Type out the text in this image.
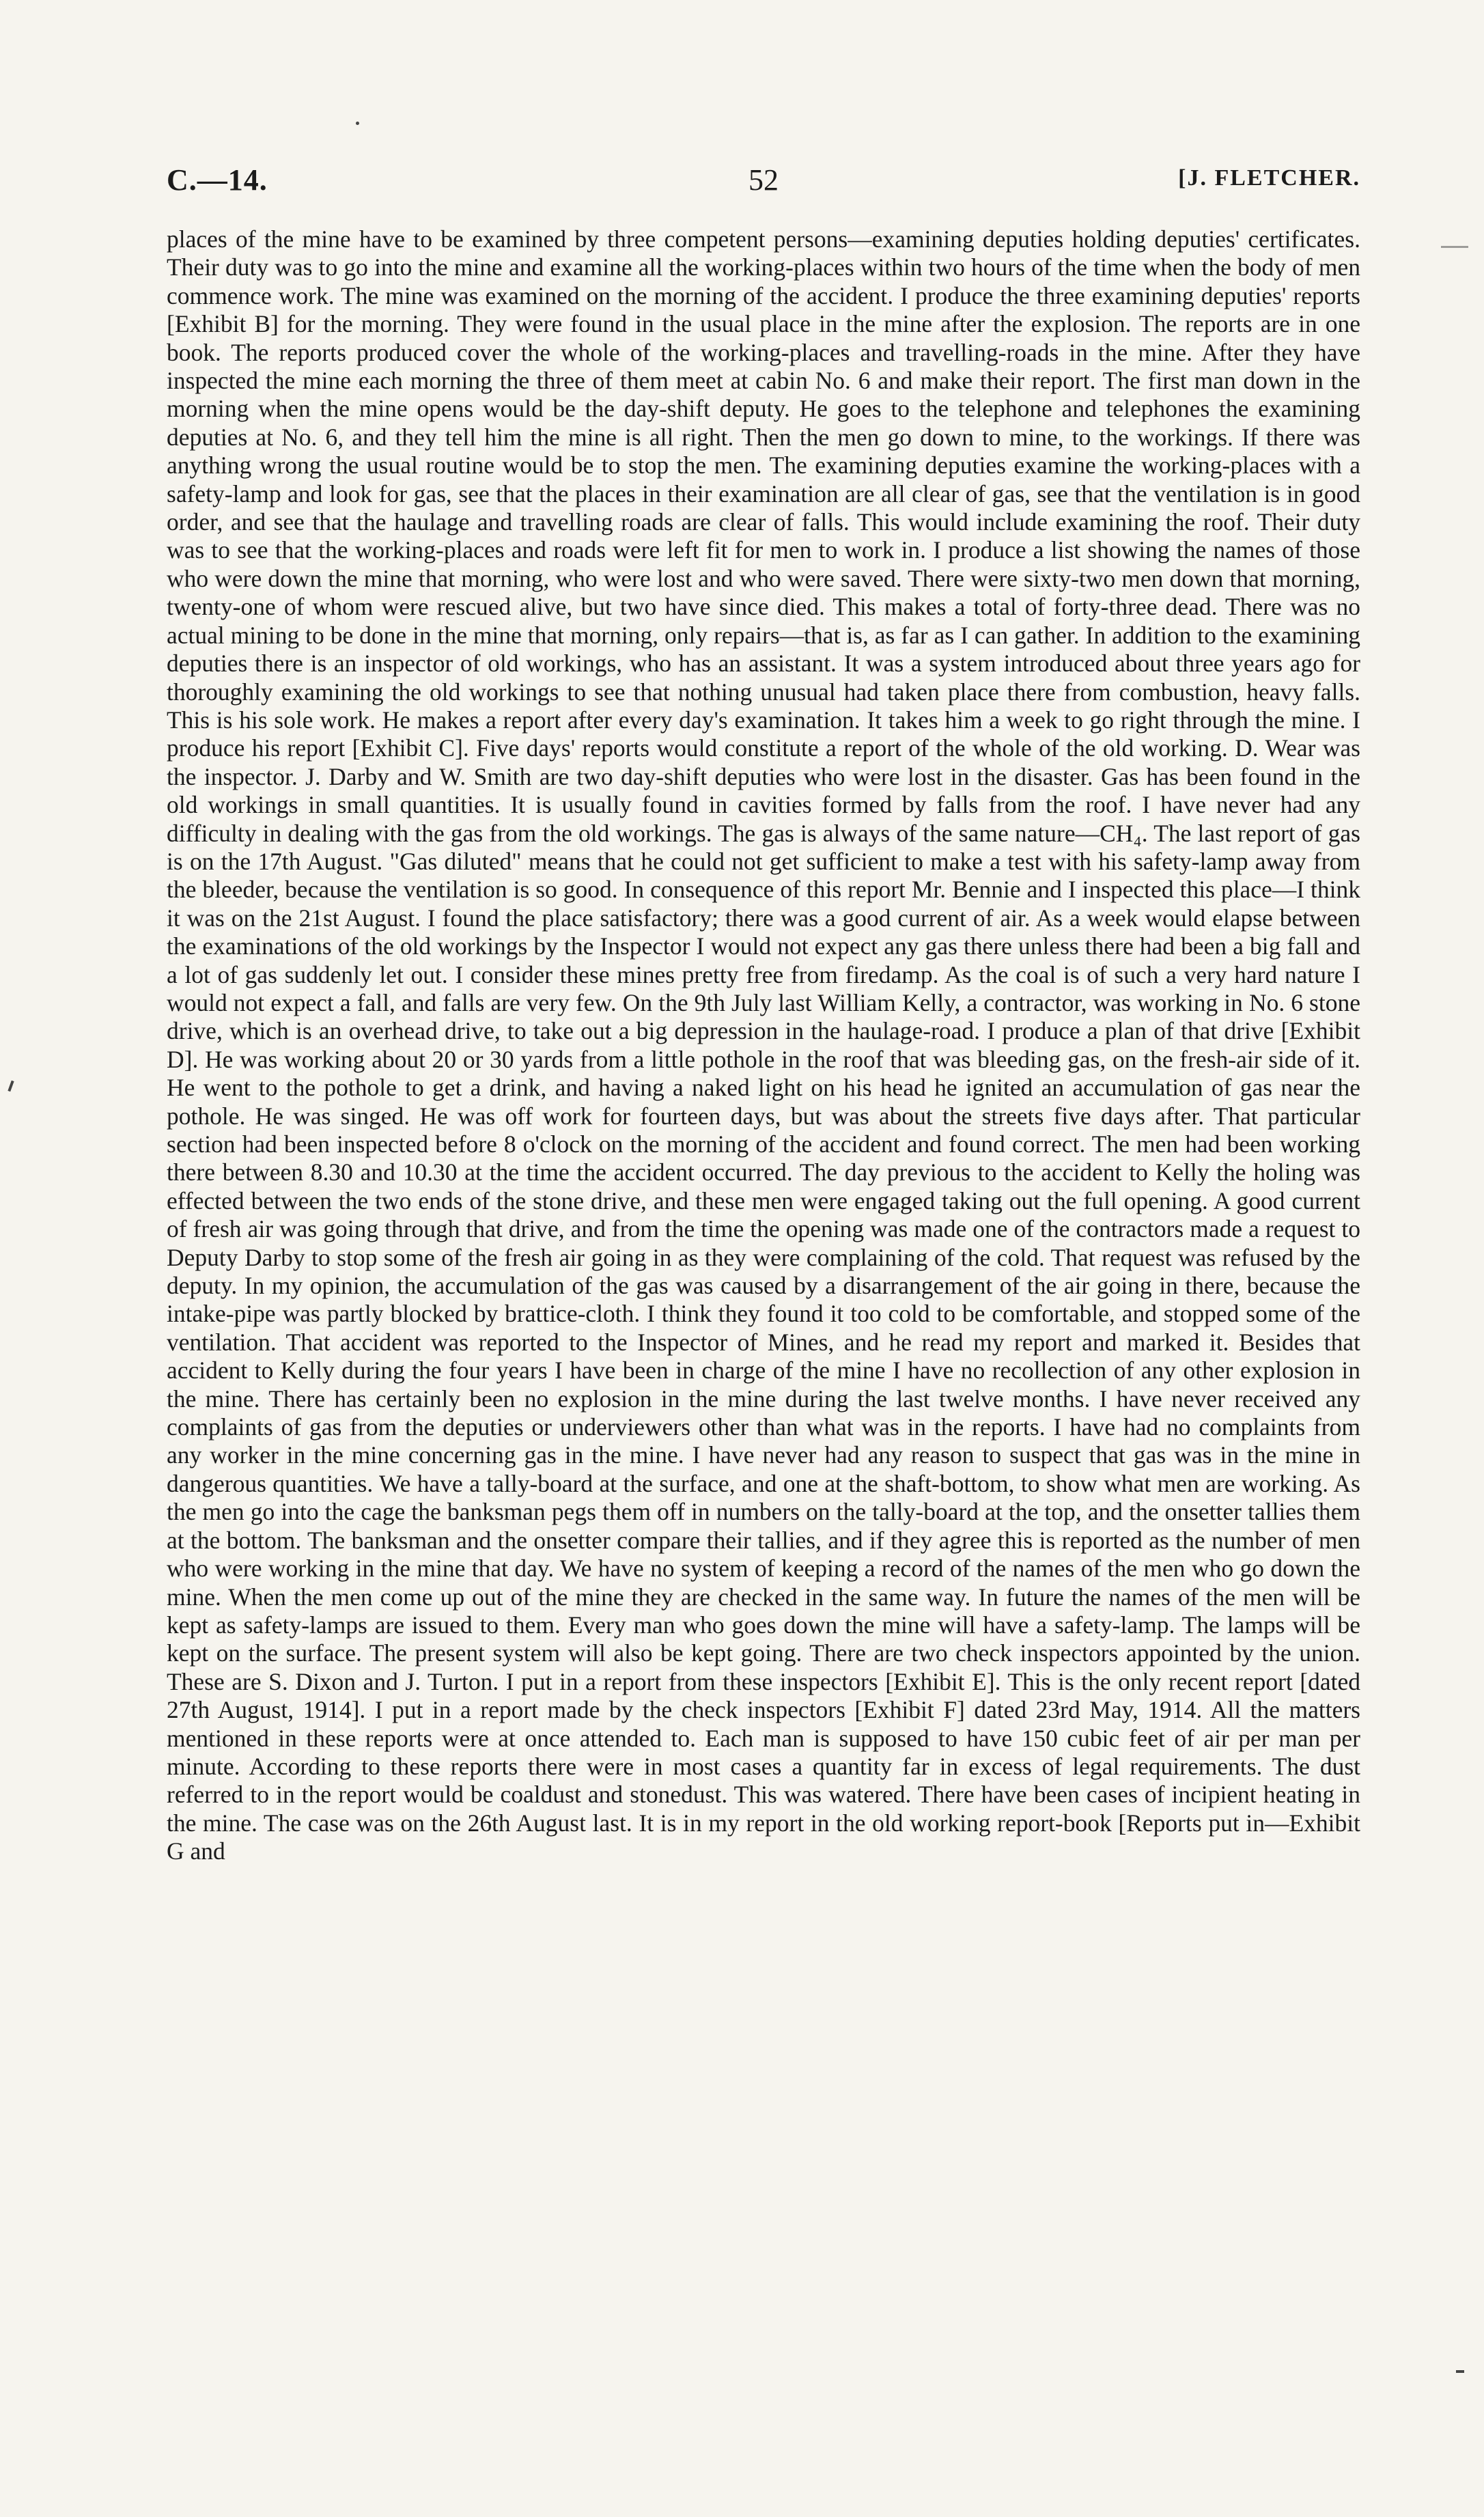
C.—14.	52	[J. FLETCHER.

places of the mine have to be examined by three competent persons—examining deputies holding deputies' certificates. Their duty was to go into the mine and examine all the working-places within two hours of the time when the body of men commence work. The mine was examined on the morning of the accident. I produce the three examining deputies' reports [Exhibit B] for the morning. They were found in the usual place in the mine after the explosion. The reports are in one book. The reports produced cover the whole of the working-places and travelling-roads in the mine. After they have inspected the mine each morning the three of them meet at cabin No. 6 and make their report. The first man down in the morning when the mine opens would be the day-shift deputy. He goes to the telephone and telephones the examining deputies at No. 6, and they tell him the mine is all right. Then the men go down to mine, to the workings. If there was anything wrong the usual routine would be to stop the men. The examining deputies examine the working-places with a safety-lamp and look for gas, see that the places in their examination are all clear of gas, see that the ventilation is in good order, and see that the haulage and travelling roads are clear of falls. This would include examining the roof. Their duty was to see that the working-places and roads were left fit for men to work in. I produce a list showing the names of those who were down the mine that morning, who were lost and who were saved. There were sixty-two men down that morning, twenty-one of whom were rescued alive, but two have since died. This makes a total of forty-three dead. There was no actual mining to be done in the mine that morning, only repairs—that is, as far as I can gather. In addition to the examining deputies there is an inspector of old workings, who has an assistant. It was a system introduced about three years ago for thoroughly examining the old workings to see that nothing unusual had taken place there from combustion, heavy falls. This is his sole work. He makes a report after every day's examination. It takes him a week to go right through the mine. I produce his report [Exhibit C]. Five days' reports would constitute a report of the whole of the old working. D. Wear was the inspector. J. Darby and W. Smith are two day-shift deputies who were lost in the disaster. Gas has been found in the old workings in small quantities. It is usually found in cavities formed by falls from the roof. I have never had any difficulty in dealing with the gas from the old workings. The gas is always of the same nature—CH₄. The last report of gas is on the 17th August. "Gas diluted" means that he could not get sufficient to make a test with his safety-lamp away from the bleeder, because the ventilation is so good. In consequence of this report Mr. Bennie and I inspected this place—I think it was on the 21st August. I found the place satisfactory; there was a good current of air. As a week would elapse between the examinations of the old workings by the Inspector I would not expect any gas there unless there had been a big fall and a lot of gas suddenly let out. I consider these mines pretty free from firedamp. As the coal is of such a very hard nature I would not expect a fall, and falls are very few. On the 9th July last William Kelly, a contractor, was working in No. 6 stone drive, which is an overhead drive, to take out a big depression in the haulage-road. I produce a plan of that drive [Exhibit D]. He was working about 20 or 30 yards from a little pothole in the roof that was bleeding gas, on the fresh-air side of it. He went to the pothole to get a drink, and having a naked light on his head he ignited an accumulation of gas near the pothole. He was singed. He was off work for fourteen days, but was about the streets five days after. That particular section had been inspected before 8 o'clock on the morning of the accident and found correct. The men had been working there between 8.30 and 10.30 at the time the accident occurred. The day previous to the accident to Kelly the holing was effected between the two ends of the stone drive, and these men were engaged taking out the full opening. A good current of fresh air was going through that drive, and from the time the opening was made one of the contractors made a request to Deputy Darby to stop some of the fresh air going in as they were complaining of the cold. That request was refused by the deputy. In my opinion, the accumulation of the gas was caused by a disarrangement of the air going in there, because the intake-pipe was partly blocked by brattice-cloth. I think they found it too cold to be comfortable, and stopped some of the ventilation. That accident was reported to the Inspector of Mines, and he read my report and marked it. Besides that accident to Kelly during the four years I have been in charge of the mine I have no recollection of any other explosion in the mine. There has certainly been no explosion in the mine during the last twelve months. I have never received any complaints of gas from the deputies or underviewers other than what was in the reports. I have had no complaints from any worker in the mine concerning gas in the mine. I have never had any reason to suspect that gas was in the mine in dangerous quantities. We have a tally-board at the surface, and one at the shaft-bottom, to show what men are working. As the men go into the cage the banksman pegs them off in numbers on the tally-board at the top, and the onsetter tallies them at the bottom. The banksman and the onsetter compare their tallies, and if they agree this is reported as the number of men who were working in the mine that day. We have no system of keeping a record of the names of the men who go down the mine. When the men come up out of the mine they are checked in the same way. In future the names of the men will be kept as safety-lamps are issued to them. Every man who goes down the mine will have a safety-lamp. The lamps will be kept on the surface. The present system will also be kept going. There are two check inspectors appointed by the union. These are S. Dixon and J. Turton. I put in a report from these inspectors [Exhibit E]. This is the only recent report [dated 27th August, 1914]. I put in a report made by the check inspectors [Exhibit F] dated 23rd May, 1914. All the matters mentioned in these reports were at once attended to. Each man is supposed to have 150 cubic feet of air per man per minute. According to these reports there were in most cases a quantity far in excess of legal requirements. The dust referred to in the report would be coaldust and stonedust. This was watered. There have been cases of incipient heating in the mine. The case was on the 26th August last. It is in my report in the old working report-book [Reports put in—Exhibit G and
